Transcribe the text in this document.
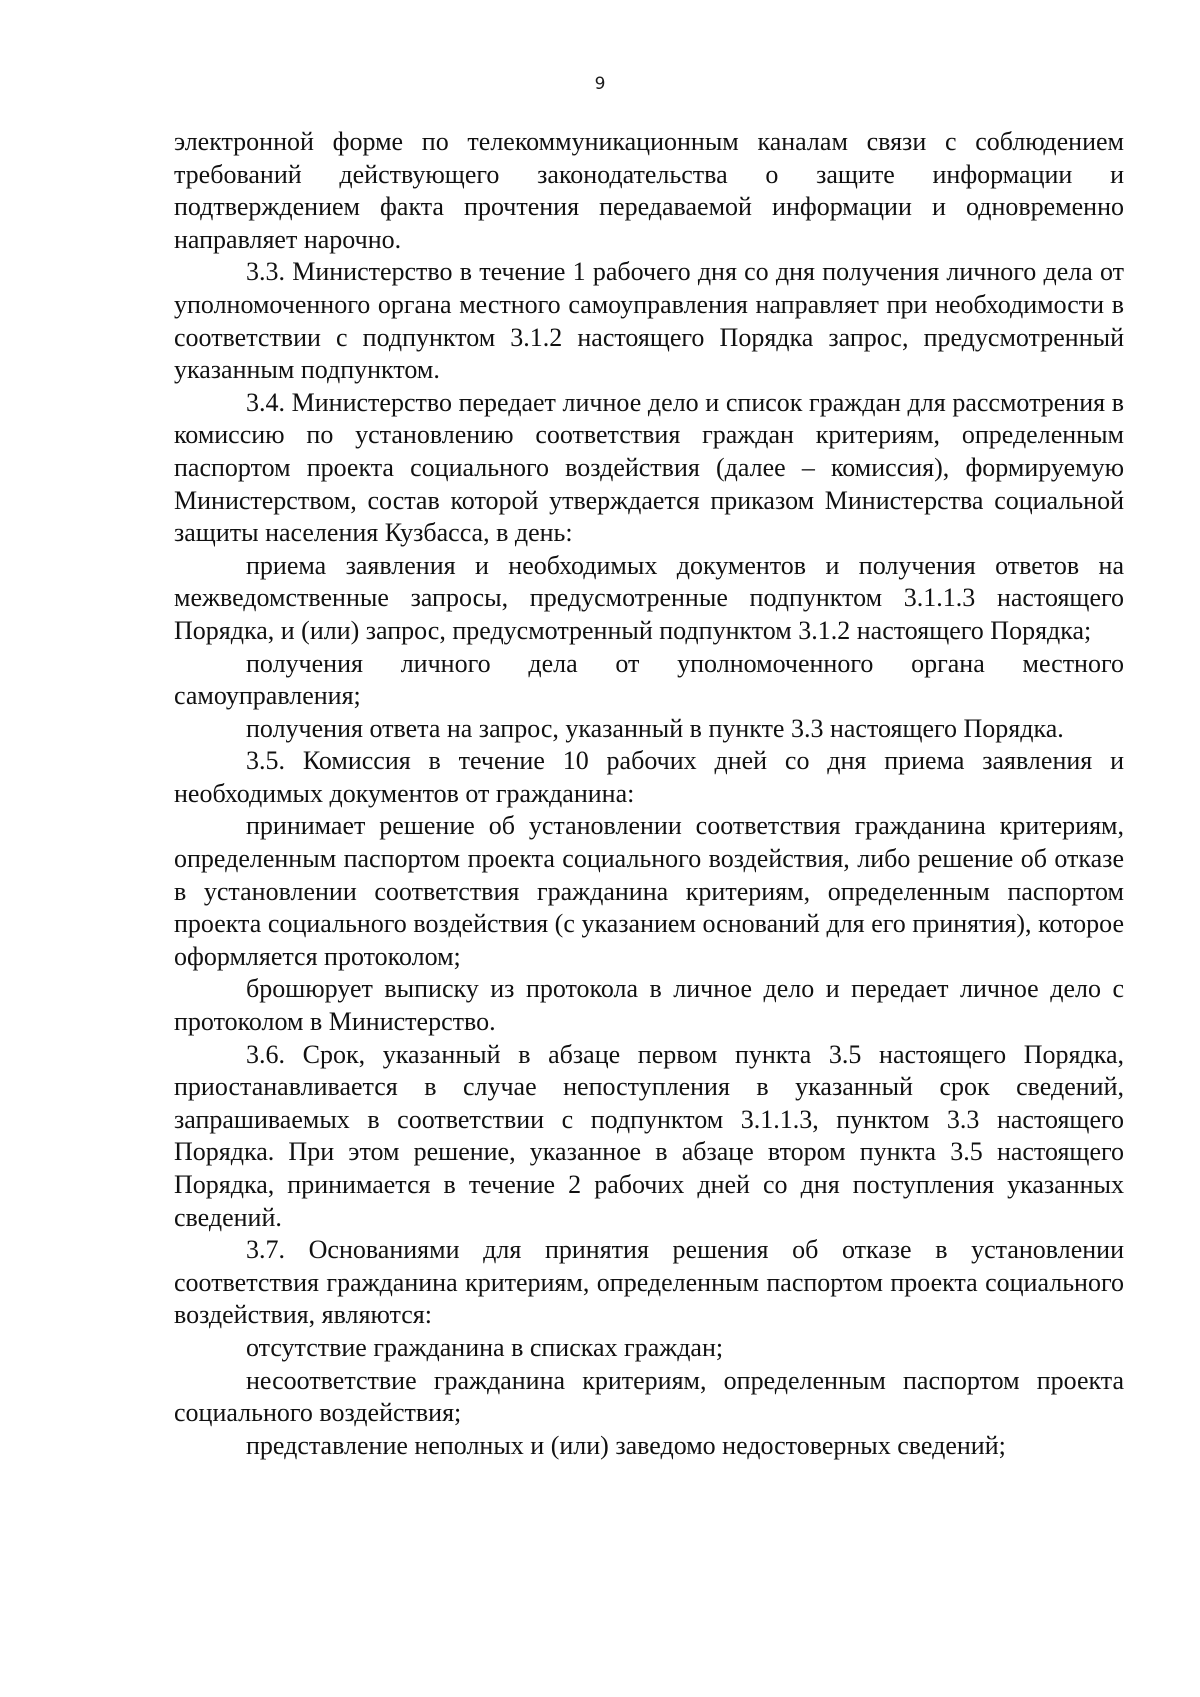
9

электронной форме по телекоммуникационным каналам связи с соблюдением требований действующего законодательства о защите информации и подтверждением факта прочтения передаваемой информации и одновременно направляет нарочно.

3.3. Министерство в течение 1 рабочего дня со дня получения личного дела от уполномоченного органа местного самоуправления направляет при необходимости в соответствии с подпунктом 3.1.2 настоящего Порядка запрос, предусмотренный указанным подпунктом.

3.4. Министерство передает личное дело и список граждан для рассмотрения в комиссию по установлению соответствия граждан критериям, определенным паспортом проекта социального воздействия (далее – комиссия), формируемую Министерством, состав которой утверждается приказом Министерства социальной защиты населения Кузбасса, в день:

приема заявления и необходимых документов и получения ответов на межведомственные запросы, предусмотренные подпунктом 3.1.1.3 настоящего Порядка, и (или) запрос, предусмотренный подпунктом 3.1.2 настоящего Порядка;

получения личного дела от уполномоченного органа местного самоуправления;

получения ответа на запрос, указанный в пункте 3.3 настоящего Порядка.

3.5. Комиссия в течение 10 рабочих дней со дня приема заявления и необходимых документов от гражданина:

принимает решение об установлении соответствия гражданина критериям, определенным паспортом проекта социального воздействия, либо решение об отказе в установлении соответствия гражданина критериям, определенным паспортом проекта социального воздействия (с указанием оснований для его принятия), которое оформляется протоколом;

брошюрует выписку из протокола в личное дело и передает личное дело с протоколом в Министерство.

3.6. Срок, указанный в абзаце первом пункта 3.5 настоящего Порядка, приостанавливается в случае непоступления в указанный срок сведений, запрашиваемых в соответствии с подпунктом 3.1.1.3, пунктом 3.3 настоящего Порядка. При этом решение, указанное в абзаце втором пункта 3.5 настоящего Порядка, принимается в течение 2 рабочих дней со дня поступления указанных сведений.

3.7. Основаниями для принятия решения об отказе в установлении соответствия гражданина критериям, определенным паспортом проекта социального воздействия, являются:

отсутствие гражданина в списках граждан;

несоответствие гражданина критериям, определенным паспортом проекта социального воздействия;

представление неполных и (или) заведомо недостоверных сведений;
